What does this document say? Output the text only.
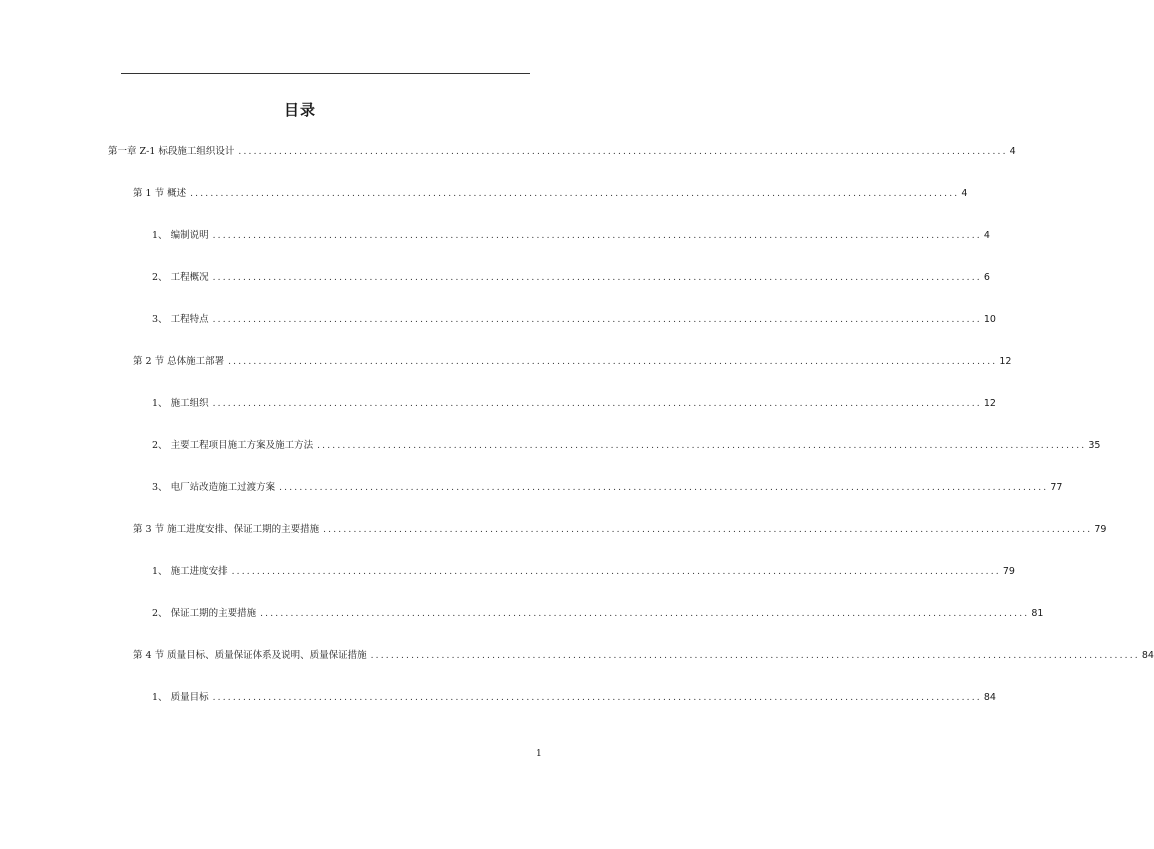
目录
第一章 Z-1 标段施工组织设计 ........................................................................................................................................................ 4
第 1 节 概述 ........................................................................................................................................................ 4
1、 编制说明 ........................................................................................................................................................ 4
2、 工程概况 ........................................................................................................................................................ 6
3、 工程特点 ........................................................................................................................................................ 10
第 2 节 总体施工部署 ........................................................................................................................................................ 12
1、 施工组织 ........................................................................................................................................................ 12
2、 主要工程项目施工方案及施工方法 ........................................................................................................................................................ 35
3、 电厂站改造施工过渡方案 ........................................................................................................................................................ 77
第 3 节 施工进度安排、保证工期的主要措施 ........................................................................................................................................................ 79
1、 施工进度安排 ........................................................................................................................................................ 79
2、 保证工期的主要措施 ........................................................................................................................................................ 81
第 4 节 质量目标、质量保证体系及说明、质量保证措施 ........................................................................................................................................................ 84
1、 质量目标 ........................................................................................................................................................ 84
1
